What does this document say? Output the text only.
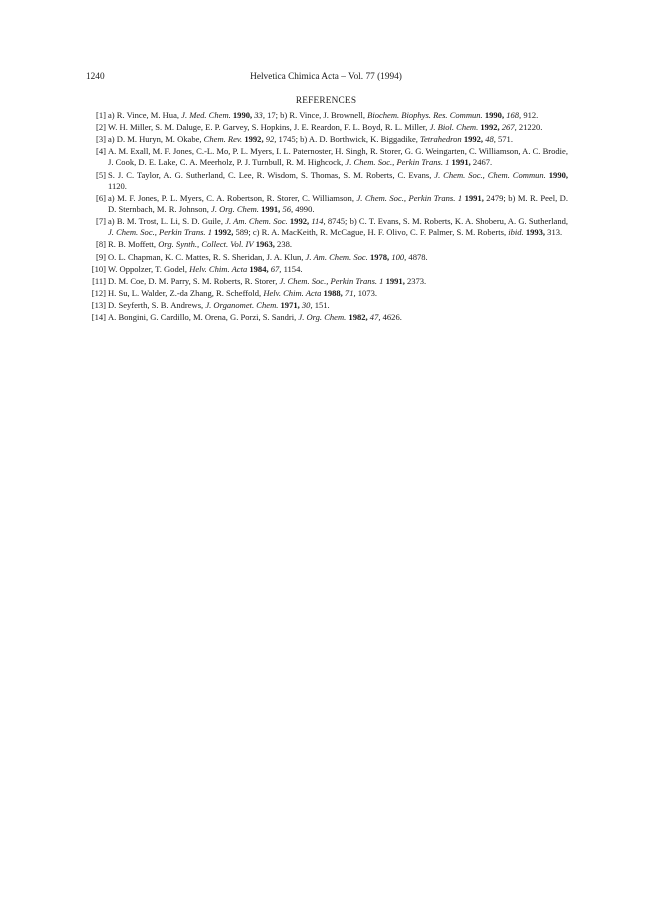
1240	Helvetica Chimica Acta – Vol. 77 (1994)
REFERENCES
[1] a) R. Vince, M. Hua, J. Med. Chem. 1990, 33, 17; b) R. Vince, J. Brownell, Biochem. Biophys. Res. Commun. 1990, 168, 912.
[2] W. H. Miller, S. M. Daluge, E. P. Garvey, S. Hopkins, J. E. Reardon, F. L. Boyd, R. L. Miller, J. Biol. Chem. 1992, 267, 21220.
[3] a) D. M. Huryn, M. Okabe, Chem. Rev. 1992, 92, 1745; b) A. D. Borthwick, K. Biggadike, Tetrahedron 1992, 48, 571.
[4] A. M. Exall, M. F. Jones, C.-L. Mo, P. L. Myers, I. L. Paternoster, H. Singh, R. Storer, G. G. Weingarten, C. Williamson, A. C. Brodie, J. Cook, D. E. Lake, C. A. Meerholz, P. J. Turnbull, R. M. Highcock, J. Chem. Soc., Perkin Trans. 1 1991, 2467.
[5] S. J. C. Taylor, A. G. Sutherland, C. Lee, R. Wisdom, S. Thomas, S. M. Roberts, C. Evans, J. Chem. Soc., Chem. Commun. 1990, 1120.
[6] a) M. F. Jones, P. L. Myers, C. A. Robertson, R. Storer, C. Williamson, J. Chem. Soc., Perkin Trans. 1 1991, 2479; b) M. R. Peel, D. D. Sternbach, M. R. Johnson, J. Org. Chem. 1991, 56, 4990.
[7] a) B. M. Trost, L. Li, S. D. Guile, J. Am. Chem. Soc. 1992, 114, 8745; b) C. T. Evans, S. M. Roberts, K. A. Shoberu, A. G. Sutherland, J. Chem. Soc., Perkin Trans. 1 1992, 589; c) R. A. MacKeith, R. McCague, H. F. Olivo, C. F. Palmer, S. M. Roberts, ibid. 1993, 313.
[8] R. B. Moffett, Org. Synth., Collect. Vol. IV 1963, 238.
[9] O. L. Chapman, K. C. Mattes, R. S. Sheridan, J. A. Klun, J. Am. Chem. Soc. 1978, 100, 4878.
[10] W. Oppolzer, T. Godel, Helv. Chim. Acta 1984, 67, 1154.
[11] D. M. Coe, D. M. Parry, S. M. Roberts, R. Storer, J. Chem. Soc., Perkin Trans. 1 1991, 2373.
[12] H. Su, L. Walder, Z.-da Zhang, R. Scheffold, Helv. Chim. Acta 1988, 71, 1073.
[13] D. Seyferth, S. B. Andrews, J. Organomet. Chem. 1971, 30, 151.
[14] A. Bongini, G. Cardillo, M. Orena, G. Porzi, S. Sandri, J. Org. Chem. 1982, 47, 4626.
